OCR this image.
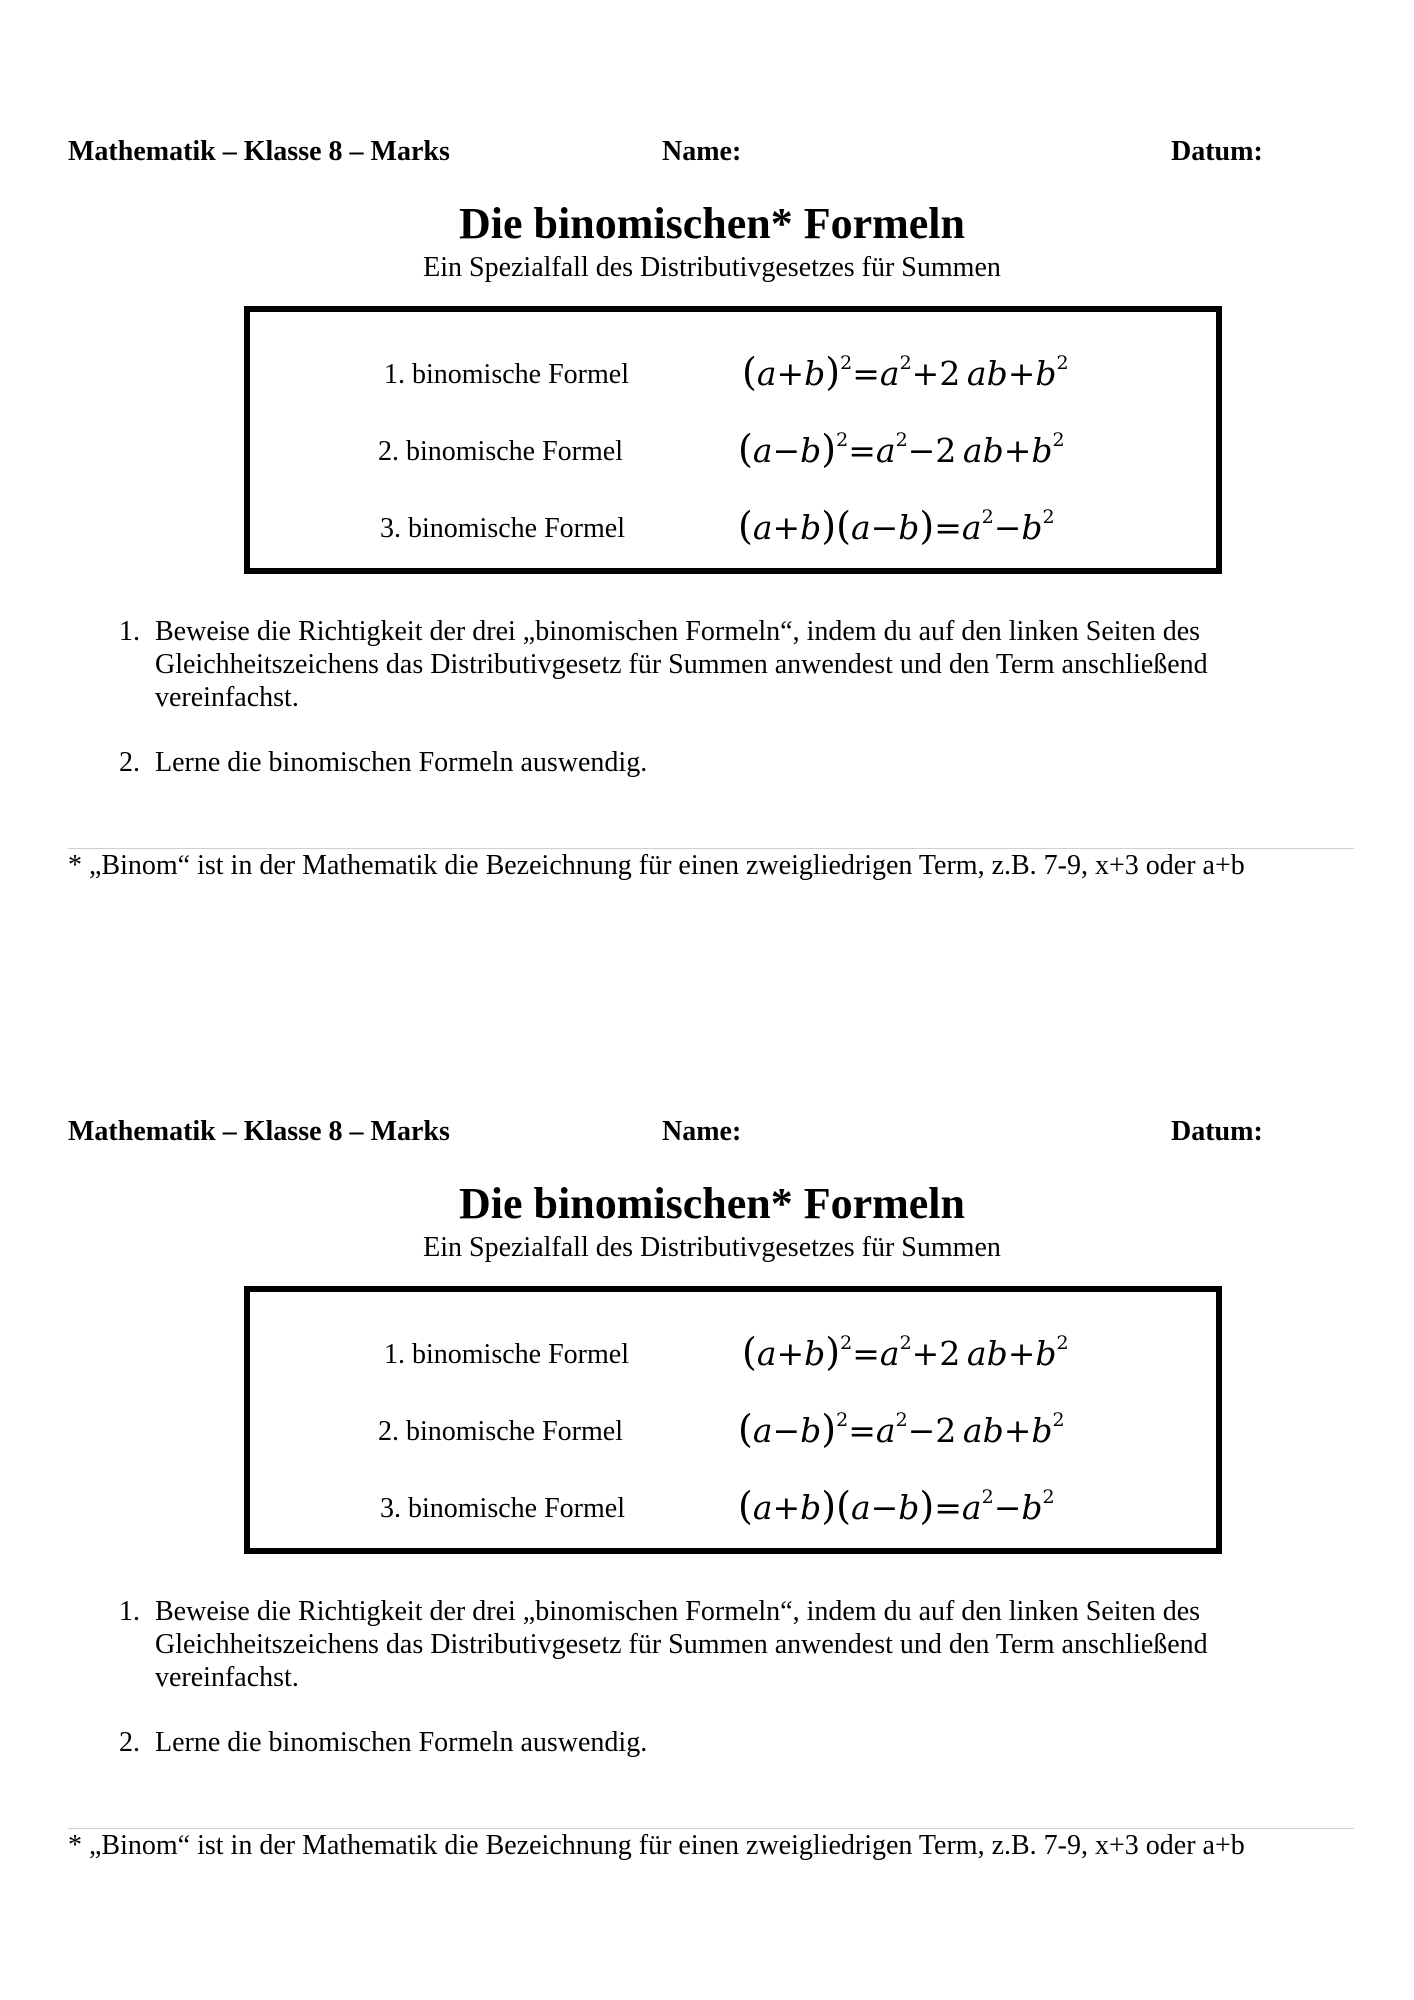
Mathematik – Klasse 8 – Marks	Name:	Datum:
Die binomischen* Formeln
Ein Spezialfall des Distributivgesetzes für Summen
1. binomische Formel	$(a+b)^2=a^2+2$ $ab+b^2$
2. binomische Formel	$(a-b)^2=a^2-2$ $ab+b^2$
3. binomische Formel	$(a+b)(a-b)=a^2-b^2$
1. Beweise die Richtigkeit der drei „binomischen Formeln“, indem du auf den linken Seiten des Gleichheitszeichens das Distributivgesetz für Summen anwendest und den Term anschließend vereinfachst.
2. Lerne die binomischen Formeln auswendig.
* „Binom“ ist in der Mathematik die Bezeichnung für einen zweigliedrigen Term, z.B. 7-9, x+3 oder a+b
Mathematik – Klasse 8 – Marks	Name:	Datum:
Die binomischen* Formeln
Ein Spezialfall des Distributivgesetzes für Summen
1. binomische Formel	$(a+b)^2=a^2+2$ $ab+b^2$
2. binomische Formel	$(a-b)^2=a^2-2$ $ab+b^2$
3. binomische Formel	$(a+b)(a-b)=a^2-b^2$
1. Beweise die Richtigkeit der drei „binomischen Formeln“, indem du auf den linken Seiten des Gleichheitszeichens das Distributivgesetz für Summen anwendest und den Term anschließend vereinfachst.
2. Lerne die binomischen Formeln auswendig.
* „Binom“ ist in der Mathematik die Bezeichnung für einen zweigliedrigen Term, z.B. 7-9, x+3 oder a+b
